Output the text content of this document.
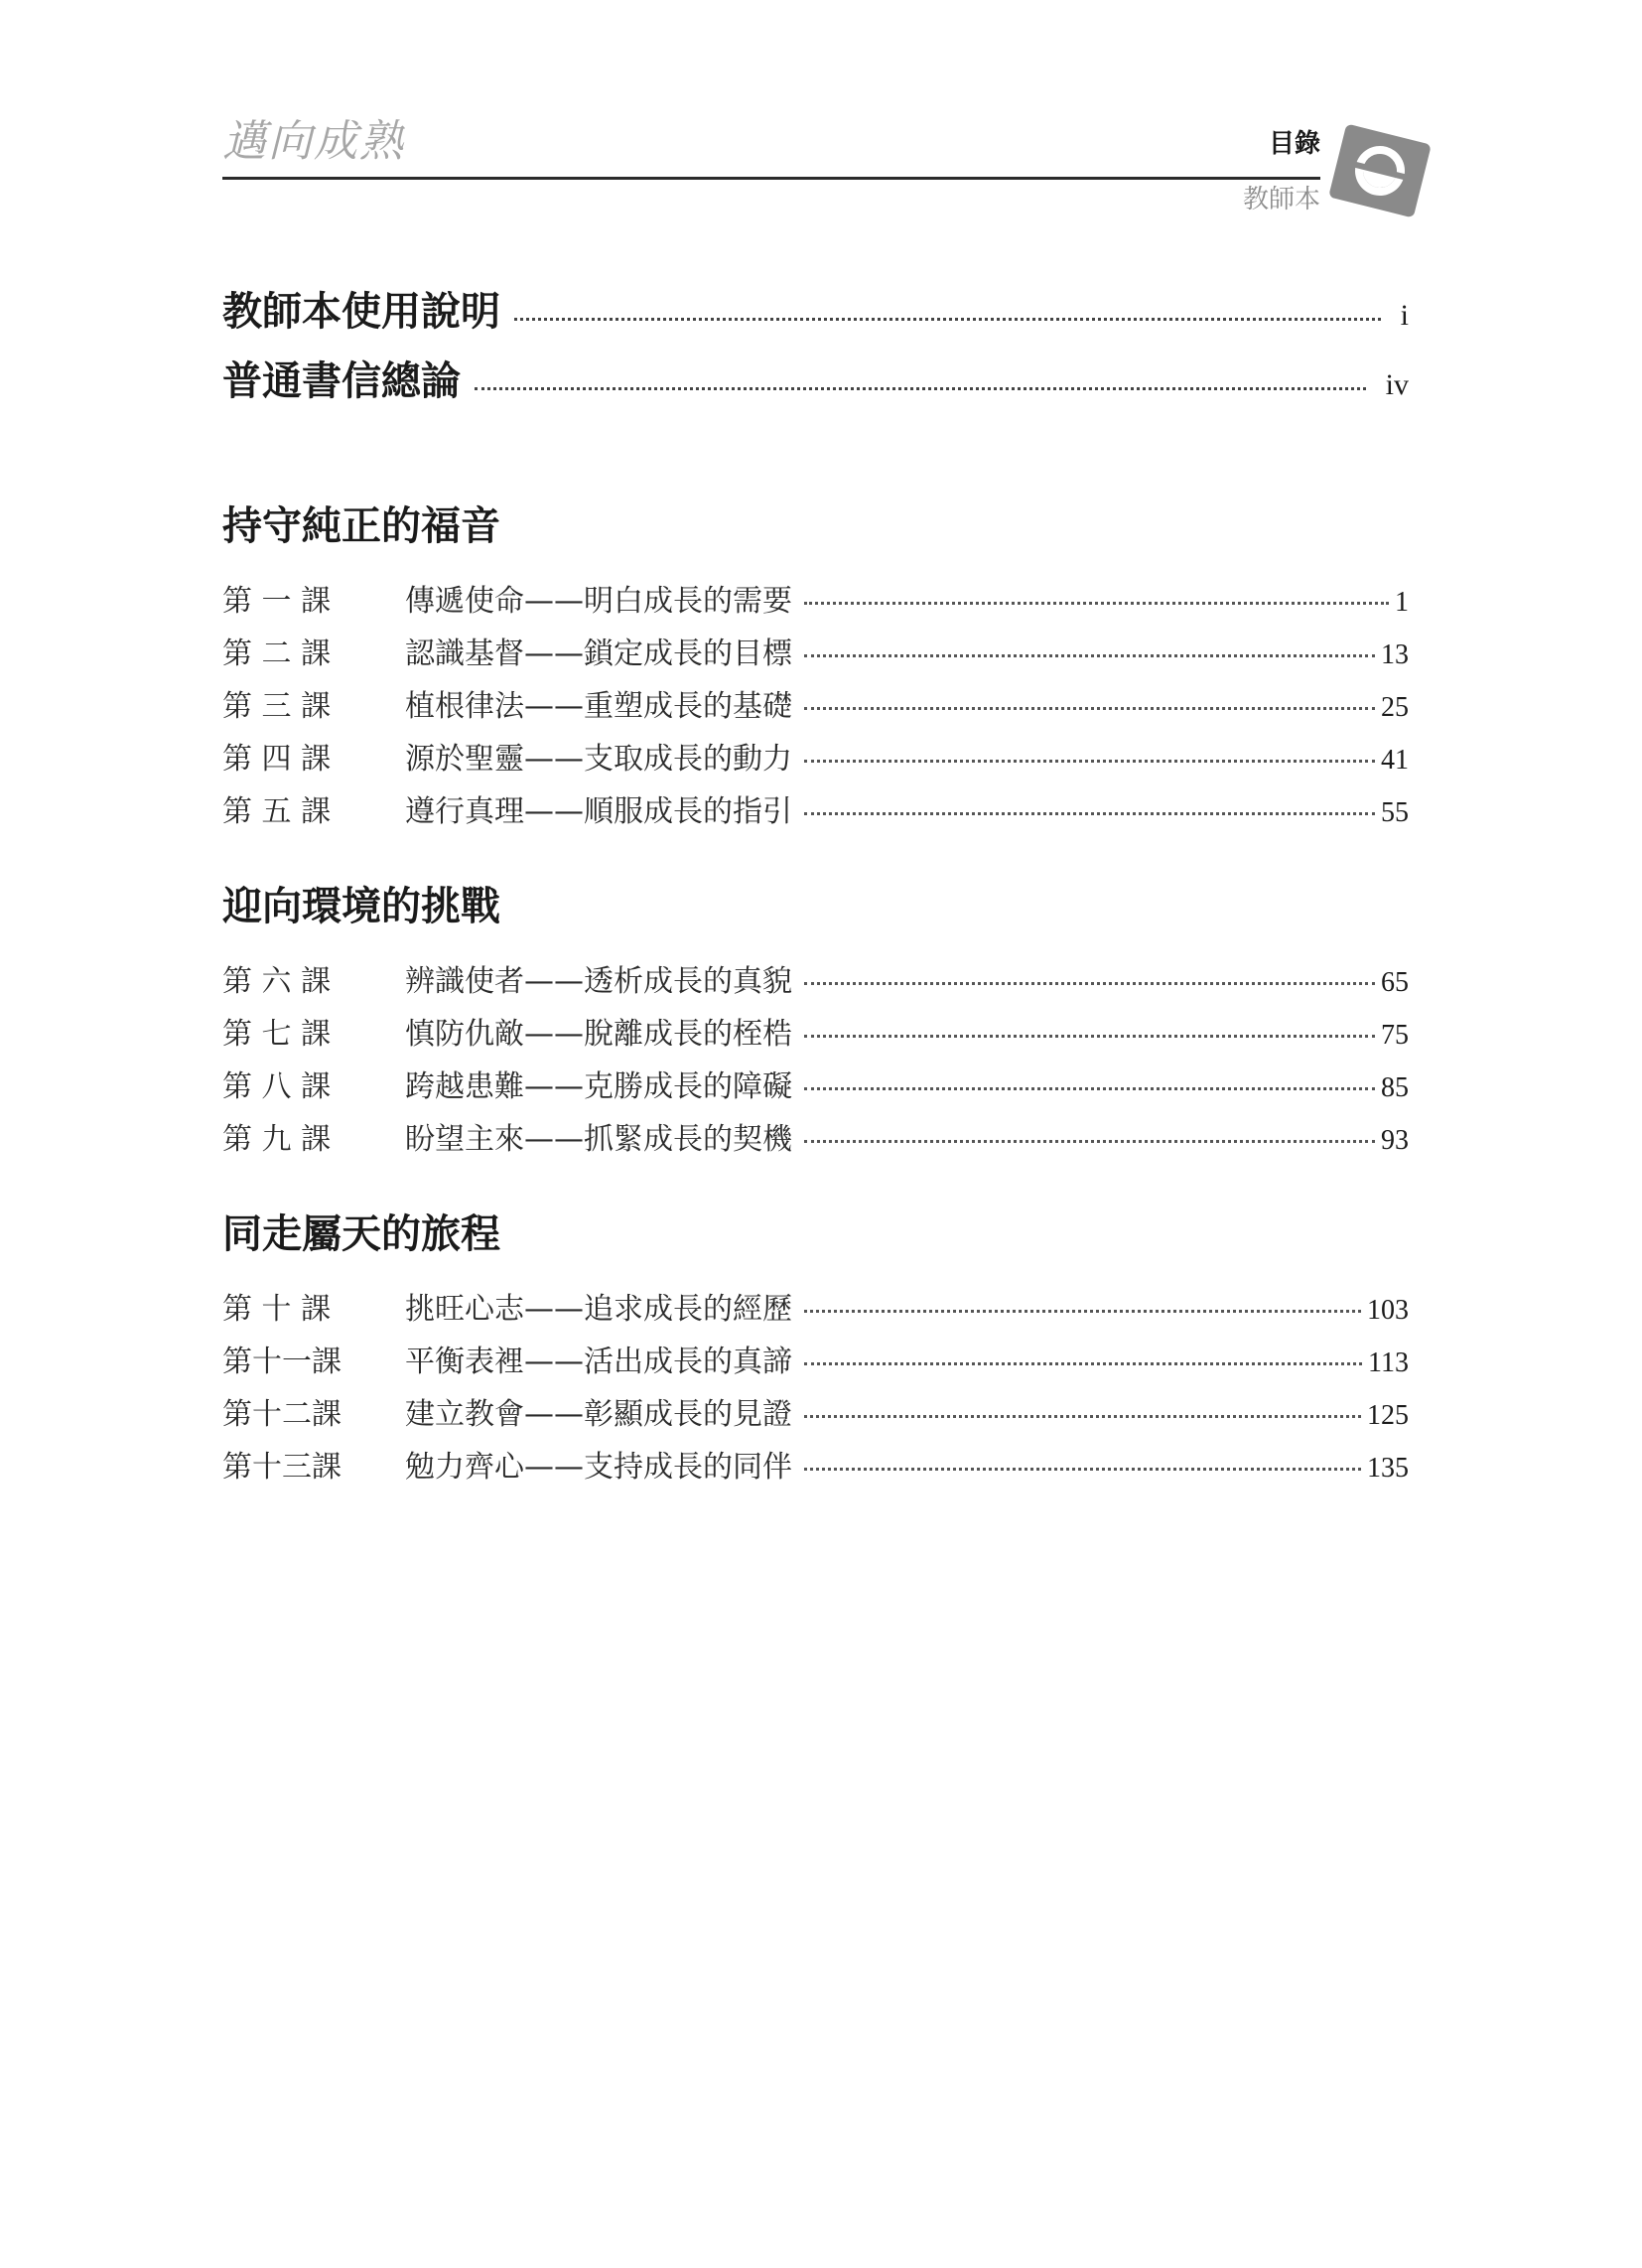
邁向成熟	目錄
教師本
教師本使用說明	i
普通書信總論	iv
持守純正的福音
第 一 課	傳遞使命——明白成長的需要	1
第 二 課	認識基督——鎖定成長的目標	13
第 三 課	植根律法——重塑成長的基礎	25
第 四 課	源於聖靈——支取成長的動力	41
第 五 課	遵行真理——順服成長的指引	55
迎向環境的挑戰
第 六 課	辨識使者——透析成長的真貌	65
第 七 課	慎防仇敵——脫離成長的桎梏	75
第 八 課	跨越患難——克勝成長的障礙	85
第 九 課	盼望主來——抓緊成長的契機	93
同走屬天的旅程
第 十 課	挑旺心志——追求成長的經歷	103
第十一課	平衡表裡——活出成長的真諦	113
第十二課	建立教會——彰顯成長的見證	125
第十三課	勉力齊心——支持成長的同伴	135
